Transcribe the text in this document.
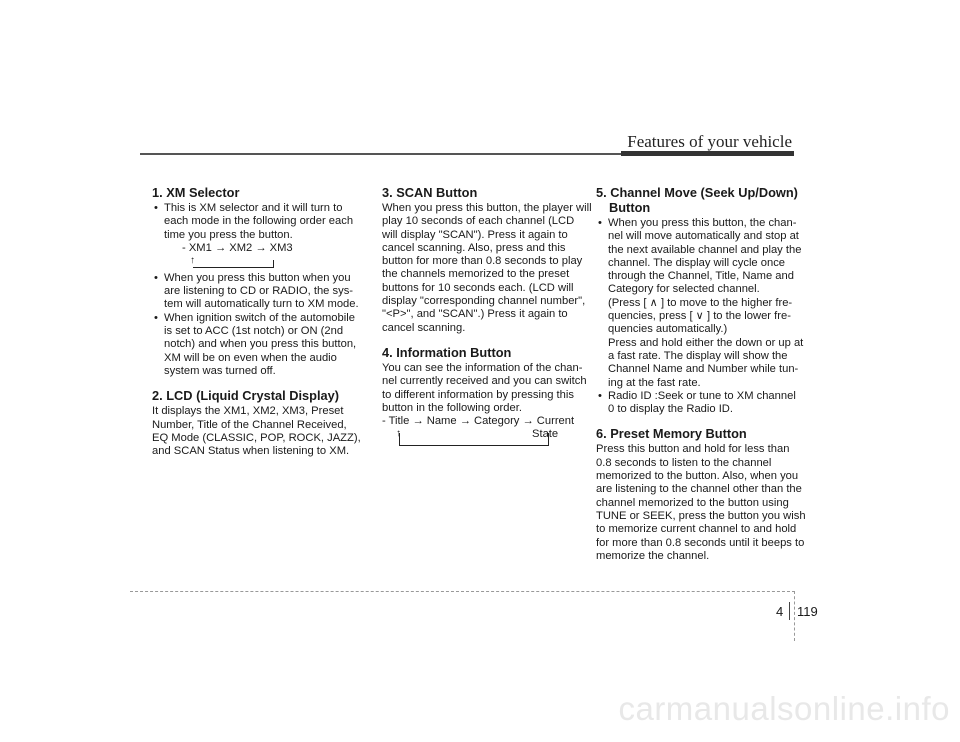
Features of your vehicle
1. XM Selector

• This is XM selector and it will turn to

each mode in the following order each time you press the button.

- XM1 → XM2 → XM3
↑

• When you press this button when you

are listening to CD or RADIO, the sys-tem will automatically turn to XM mode.

• When ignition switch of the automobile

is set to ACC (1st notch) or ON (2nd notch) and when you press this button, XM will be on even when the audio system was turned off.

2. LCD (Liquid Crystal Display)

It displays the XM1, XM2, XM3, Preset Number, Title of the Channel Received, EQ Mode (CLASSIC, POP, ROCK, JAZZ), and SCAN Status when listening to XM.

3. SCAN Button

When you press this button, the player will play 10 seconds of each channel (LCD will display "SCAN"). Press it again to cancel scanning. Also, press and this button for more than 0.8 seconds to play the channels memorized to the preset buttons for 10 seconds each. (LCD will display "corresponding channel number", "<P>", and "SCAN".) Press it again to cancel scanning.

4. Information Button

You can see the information of the chan-nel currently received and you can switch to different information by pressing this button in the following order.

- Title → Name → Category → Current
State
↑
5. Channel Move (Seek Up/Down)
Button

• When you press this button, the chan-

nel will move automatically and stop at the next available channel and play the channel. The display will cycle once through the Channel, Title, Name and Category for selected channel.

(Press [ ∧ ] to move to the higher fre-quencies, press [ ∨ ] to the lower fre-quencies automatically.)

Press and hold either the down or up at a fast rate. The display will show the Channel Name and Number while tun-ing at the fast rate.

• Radio ID :Seek or tune to XM channel

0 to display the Radio ID.

6. Preset Memory Button

Press this button and hold for less than 0.8 seconds to listen to the channel memorized to the button. Also, when you are listening to the channel other than the channel memorized to the button using TUNE or SEEK, press the button you wish to memorize current channel to and hold for more than 0.8 seconds until it beeps to memorize the channel.

4 119
carmanualsonline.info
